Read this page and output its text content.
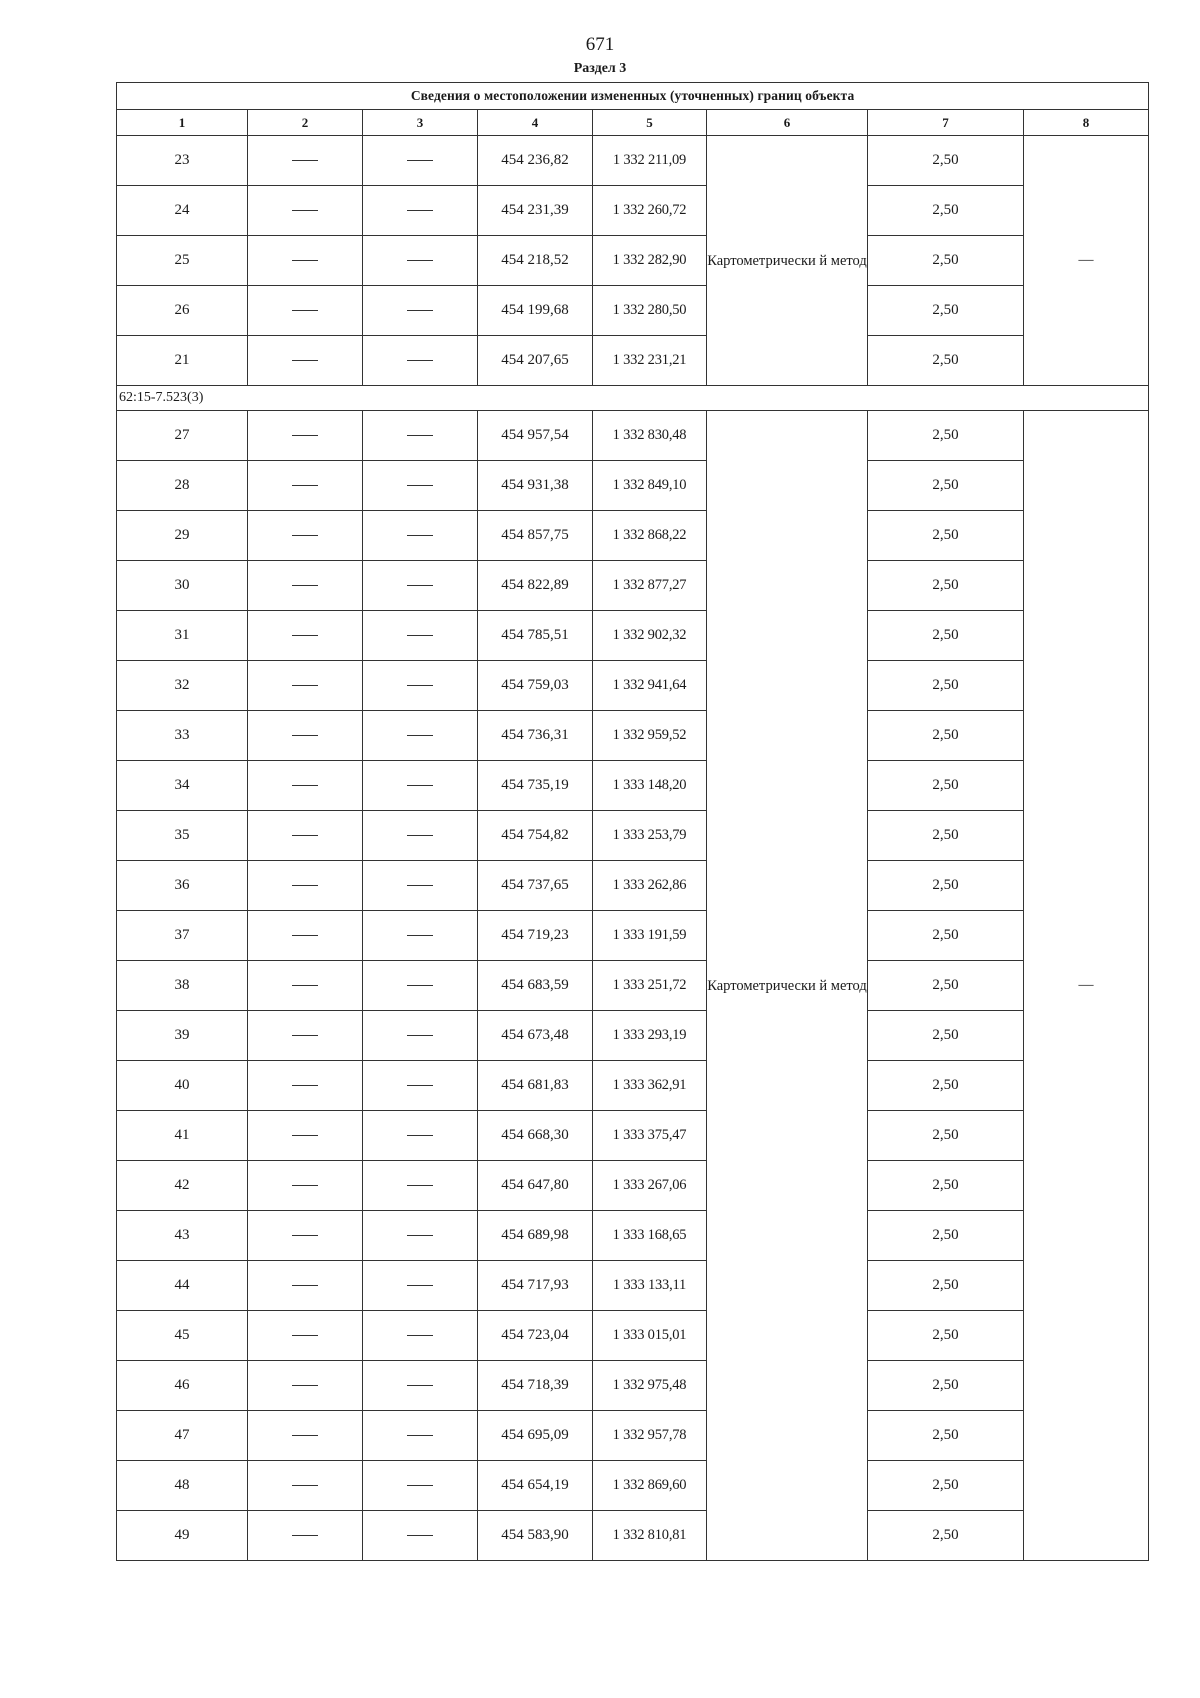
671
Раздел 3
Сведения о местоположении измененных (уточненных) границ объекта							
1	2	3	4	5	6	7	8
23			454 236,82	1 332 211,09	Картометрически й метод	2,50	—
24			454 231,39	1 332 260,72		2,50	
25			454 218,52	1 332 282,90		2,50	
26			454 199,68	1 332 280,50		2,50	
21			454 207,65	1 332 231,21		2,50	
62:15-7.523(3)							
27			454 957,54	1 332 830,48	Картометрически й метод	2,50	—
28			454 931,38	1 332 849,10		2,50	
29			454 857,75	1 332 868,22		2,50	
30			454 822,89	1 332 877,27		2,50	
31			454 785,51	1 332 902,32		2,50	
32			454 759,03	1 332 941,64		2,50	
33			454 736,31	1 332 959,52		2,50	
34			454 735,19	1 333 148,20		2,50	
35			454 754,82	1 333 253,79		2,50	
36			454 737,65	1 333 262,86		2,50	
37			454 719,23	1 333 191,59		2,50	
38			454 683,59	1 333 251,72		2,50	
39			454 673,48	1 333 293,19		2,50	
40			454 681,83	1 333 362,91		2,50	
41			454 668,30	1 333 375,47		2,50	
42			454 647,80	1 333 267,06		2,50	
43			454 689,98	1 333 168,65		2,50	
44			454 717,93	1 333 133,11		2,50	
45			454 723,04	1 333 015,01		2,50	
46			454 718,39	1 332 975,48		2,50	
47			454 695,09	1 332 957,78		2,50	
48			454 654,19	1 332 869,60		2,50	
49			454 583,90	1 332 810,81		2,50	
